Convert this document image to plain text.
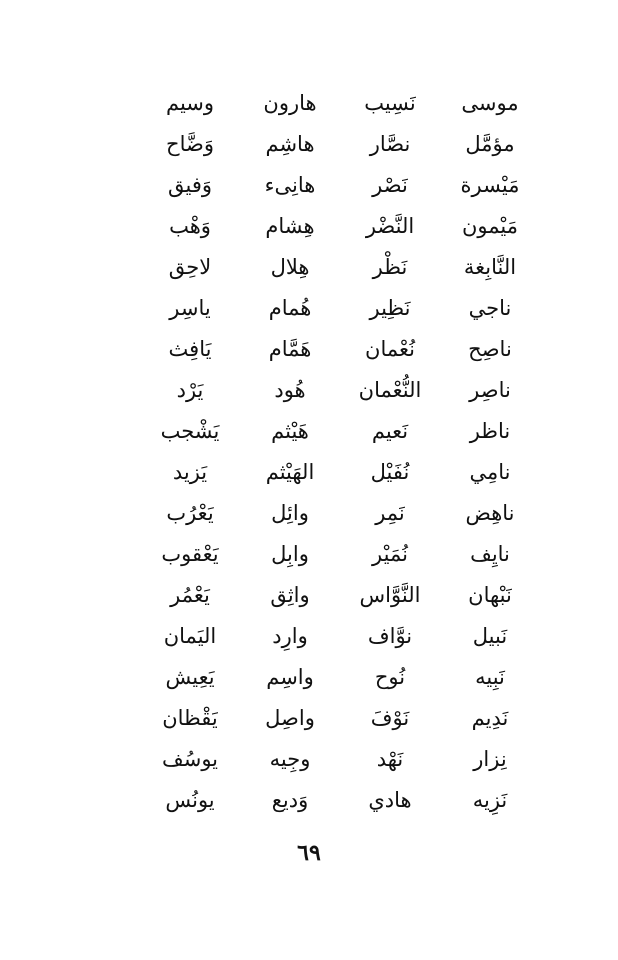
موسى
نَسِيب
هارون
وسيم
مؤمَّل
نصَّار
هاشِم
وَضَّاح
مَيْسرة
نَصْر
هانِىء
وَفيق
مَيْمون
النَّضْر
هِشام
وَهْب
النَّابِغة
نَظْر
هِلال
لاحِق
ناجي
نَظِير
هُمام
ياسِر
ناصِح
نُعْمان
هَمَّام
يَافِث
ناصِر
النُّعْمان
هُود
يَرْد
ناظر
نَعيم
هَيْثم
يَشْجب
نامِي
نُفَيْل
الهَيْثم
يَزيد
ناهِض
نَمِر
وائِل
يَعْرُب
نايِف
نُمَيْر
وابِل
يَعْقوب
نَبْهان
النَّوَّاس
واثِق
يَعْمُر
نَبيل
نوَّاف
وارِد
اليَمان
نَبِيه
نُوح
واسِم
يَعِيش
نَدِيم
نَوْفَ
واصِل
يَقْظان
نِزار
نَهْد
وجِيه
يوسُف
نَزِيه
هادي
وَديع
يونُس
٦٩
